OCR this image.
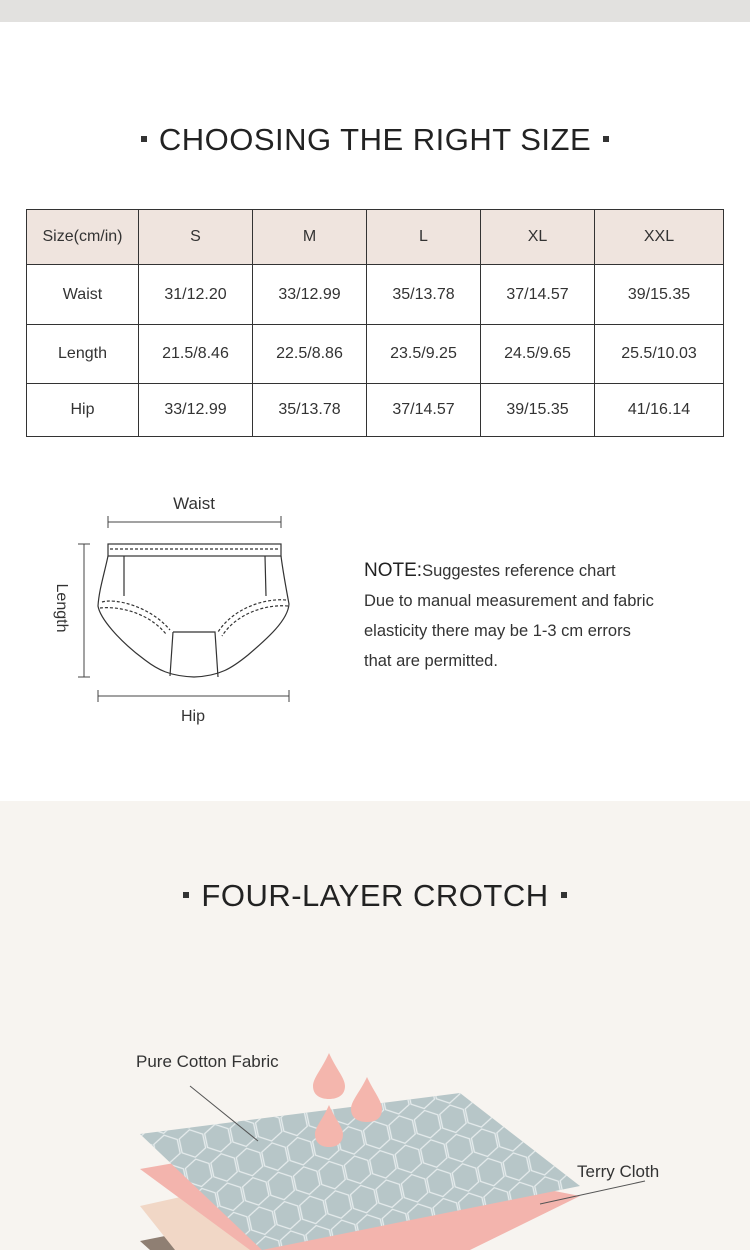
CHOOSING THE RIGHT SIZE
Size(cm/in)	S	M	L	XL	XXL
Waist	31/12.20	33/12.99	35/13.78	37/14.57	39/15.35
Length	21.5/8.46	22.5/8.86	23.5/9.25	24.5/9.65	25.5/10.03
Hip	33/12.99	35/13.78	37/14.57	39/15.35	41/16.14
Waist
Length
Hip
NOTE:Suggestes reference chart
Due to manual measurement and fabric
elasticity there may be 1-3 cm errors
that are permitted.
Pure Cotton Fabric
Terry Cloth
FOUR-LAYER CROTCH
